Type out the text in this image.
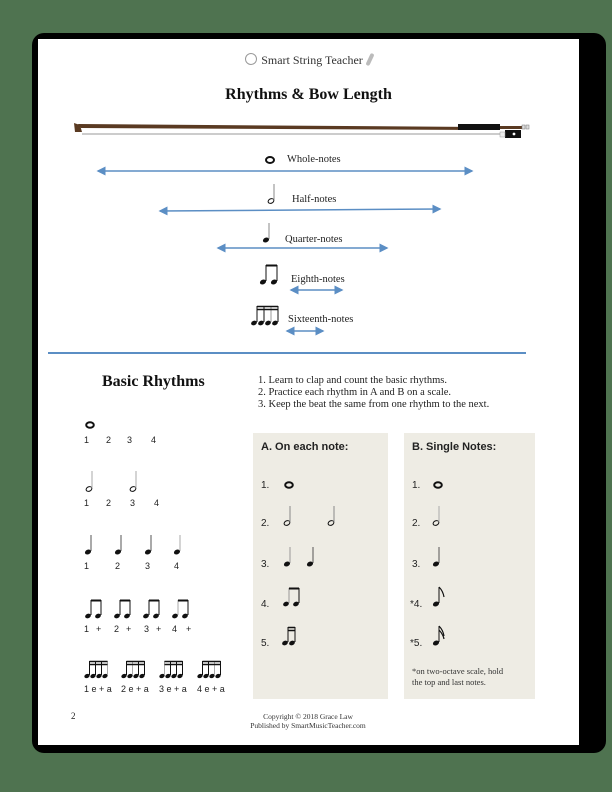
Smart String Teacher
Rhythms & Bow Length
Whole-notes
Half-notes
Quarter-notes
Eighth-notes
Sixteenth-notes
Basic Rhythms	1. Learn to clap and count the basic rhythms.
2. Practice each rhythm in A and B on a scale.
3. Keep the beat the same from one rhythm to the next.
1 2 3 4
1 2 3 4
1	2	3	4
1 + 2 + 3 + 4 +
1 e + a 2 e + a 3 e + a 4 e + a
A. On each note:
1.
2.
3.
4.
5.
B. Single Notes:
1.
2.
3.
*4.
*5.
*on two-octave scale, hold
the top and last notes.
2	Copyright © 2018 Grace Law
Published by SmartMusicTeacher.com
